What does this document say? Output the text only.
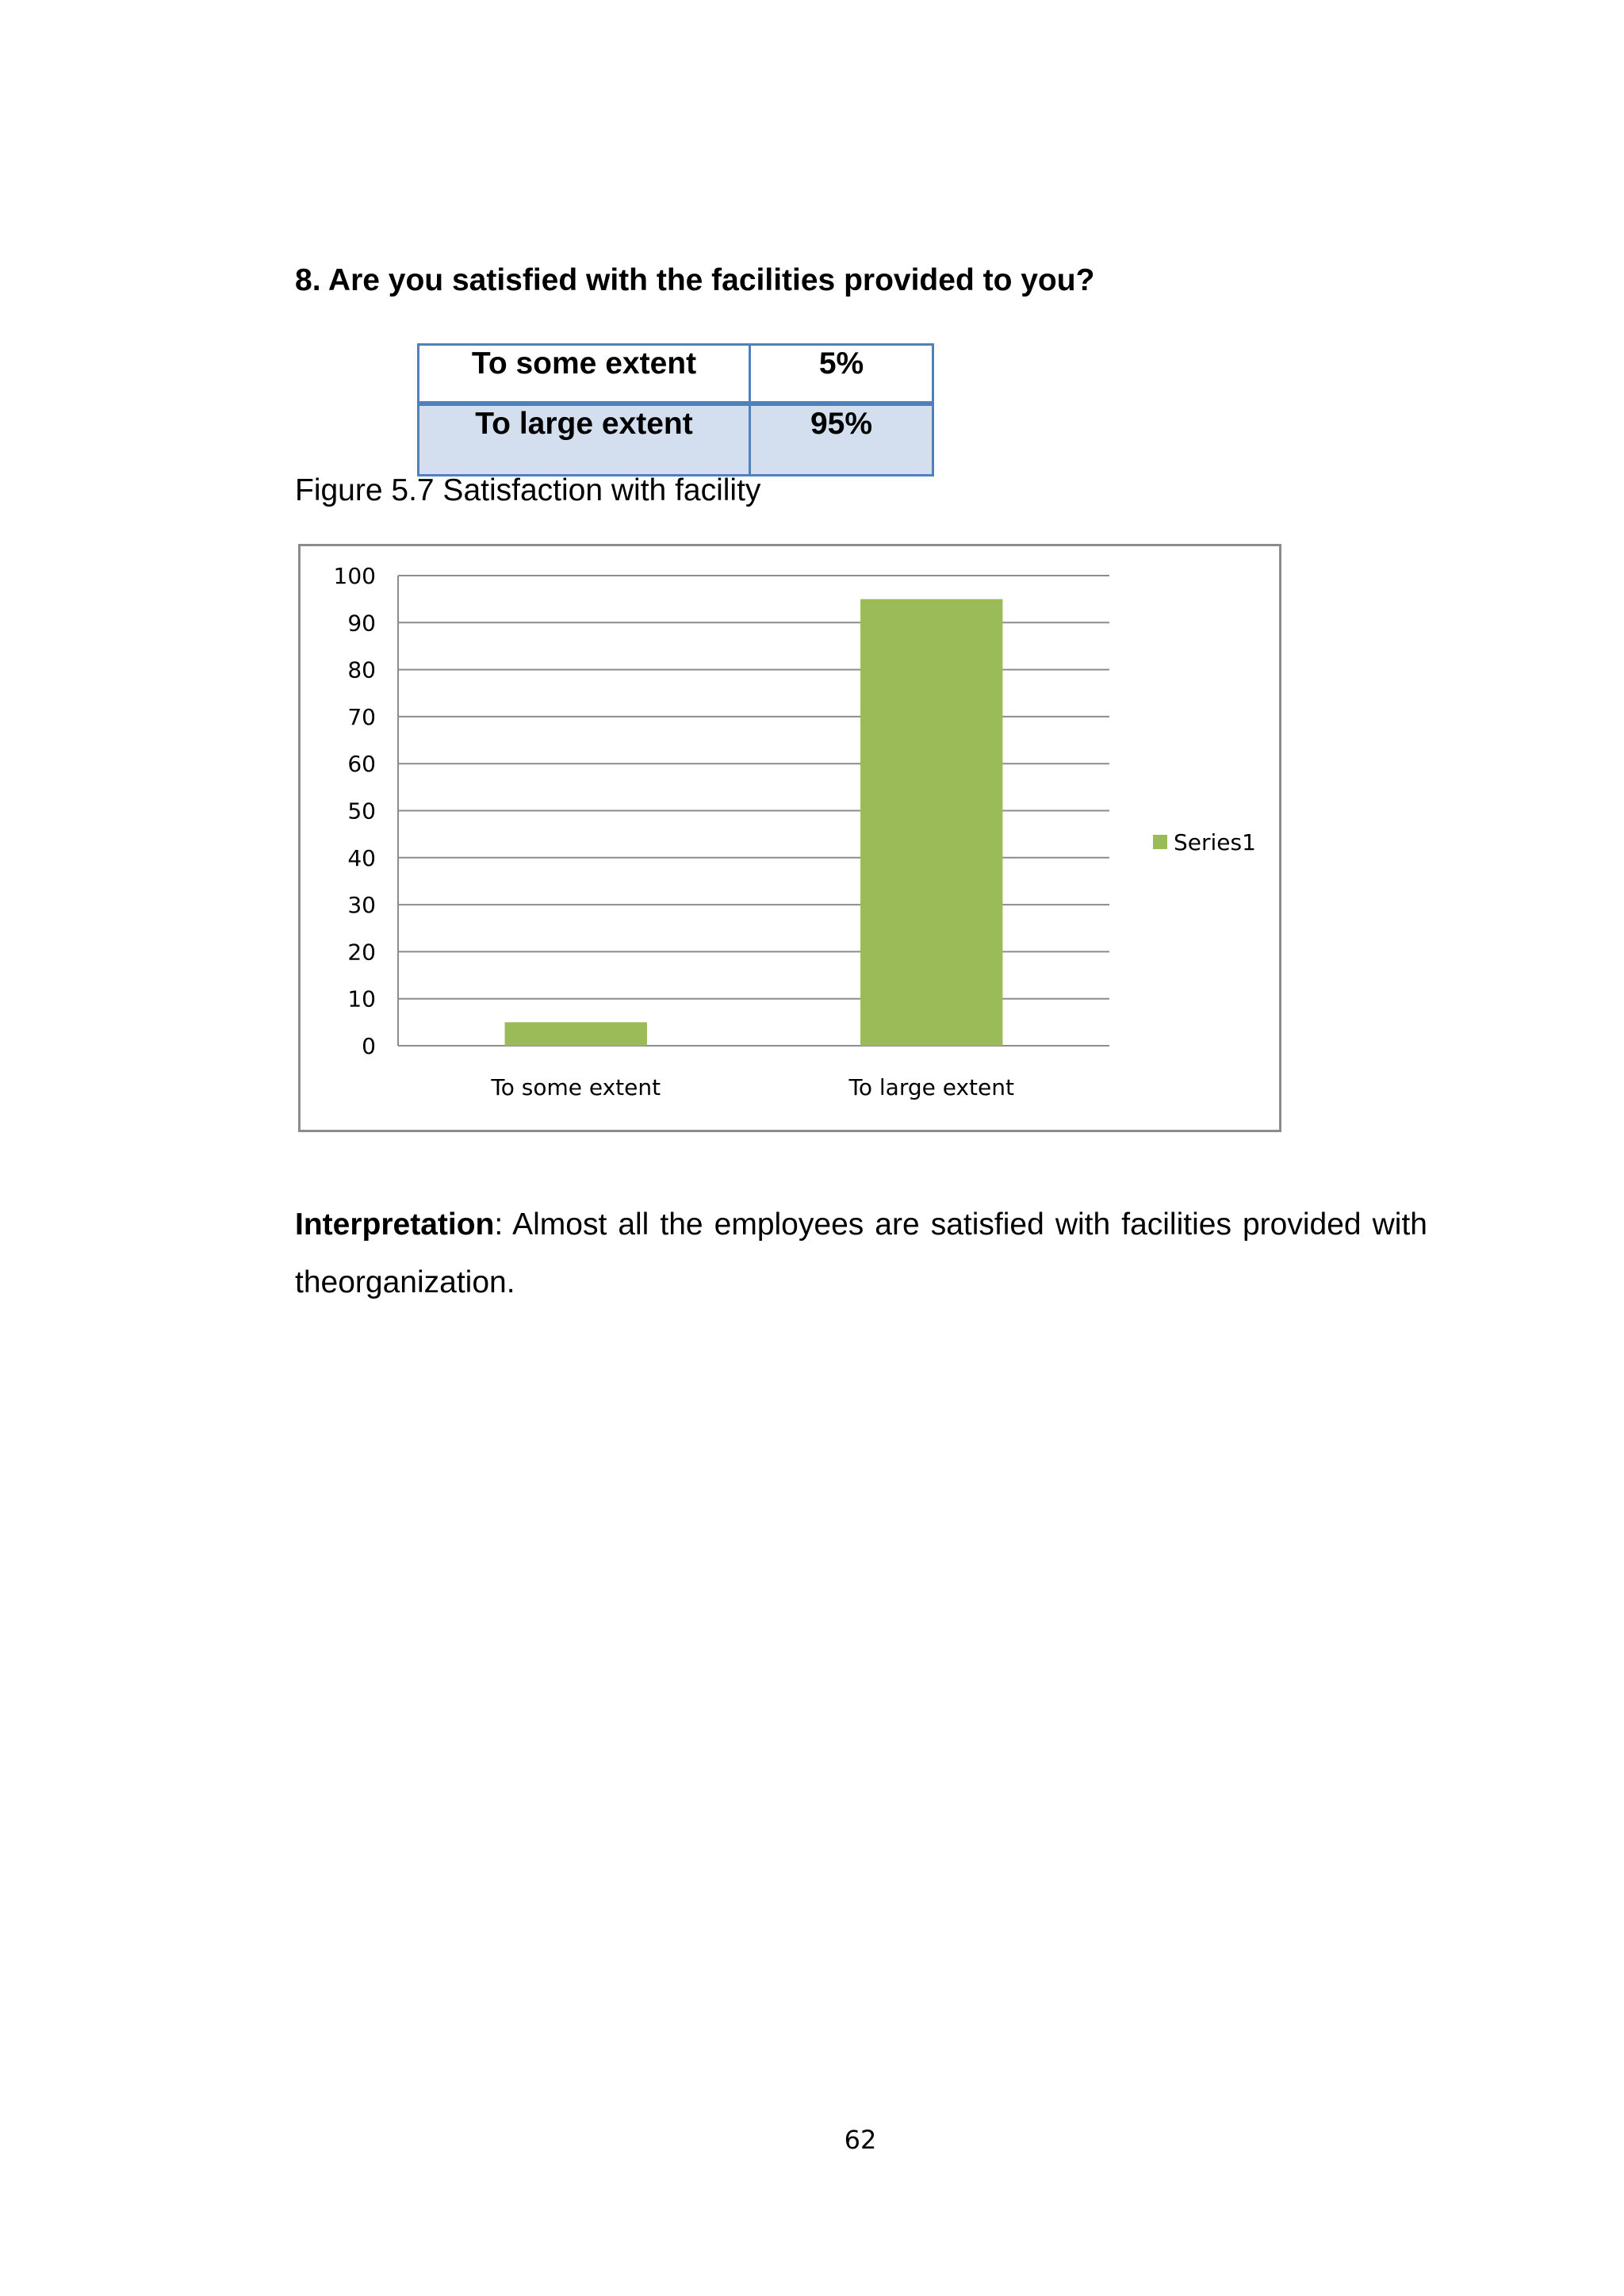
8. Are you satisfied with the facilities provided to you?
To some extent	5%
To large extent	95%

Figure 5.7 Satisfaction with facility

0
10
20
30
40
50
60
70
80
90
100
To some extent	To large extent
Series1

Interpretation: Almost all the employees are satisfied with facilities provided with theorganization.

62
